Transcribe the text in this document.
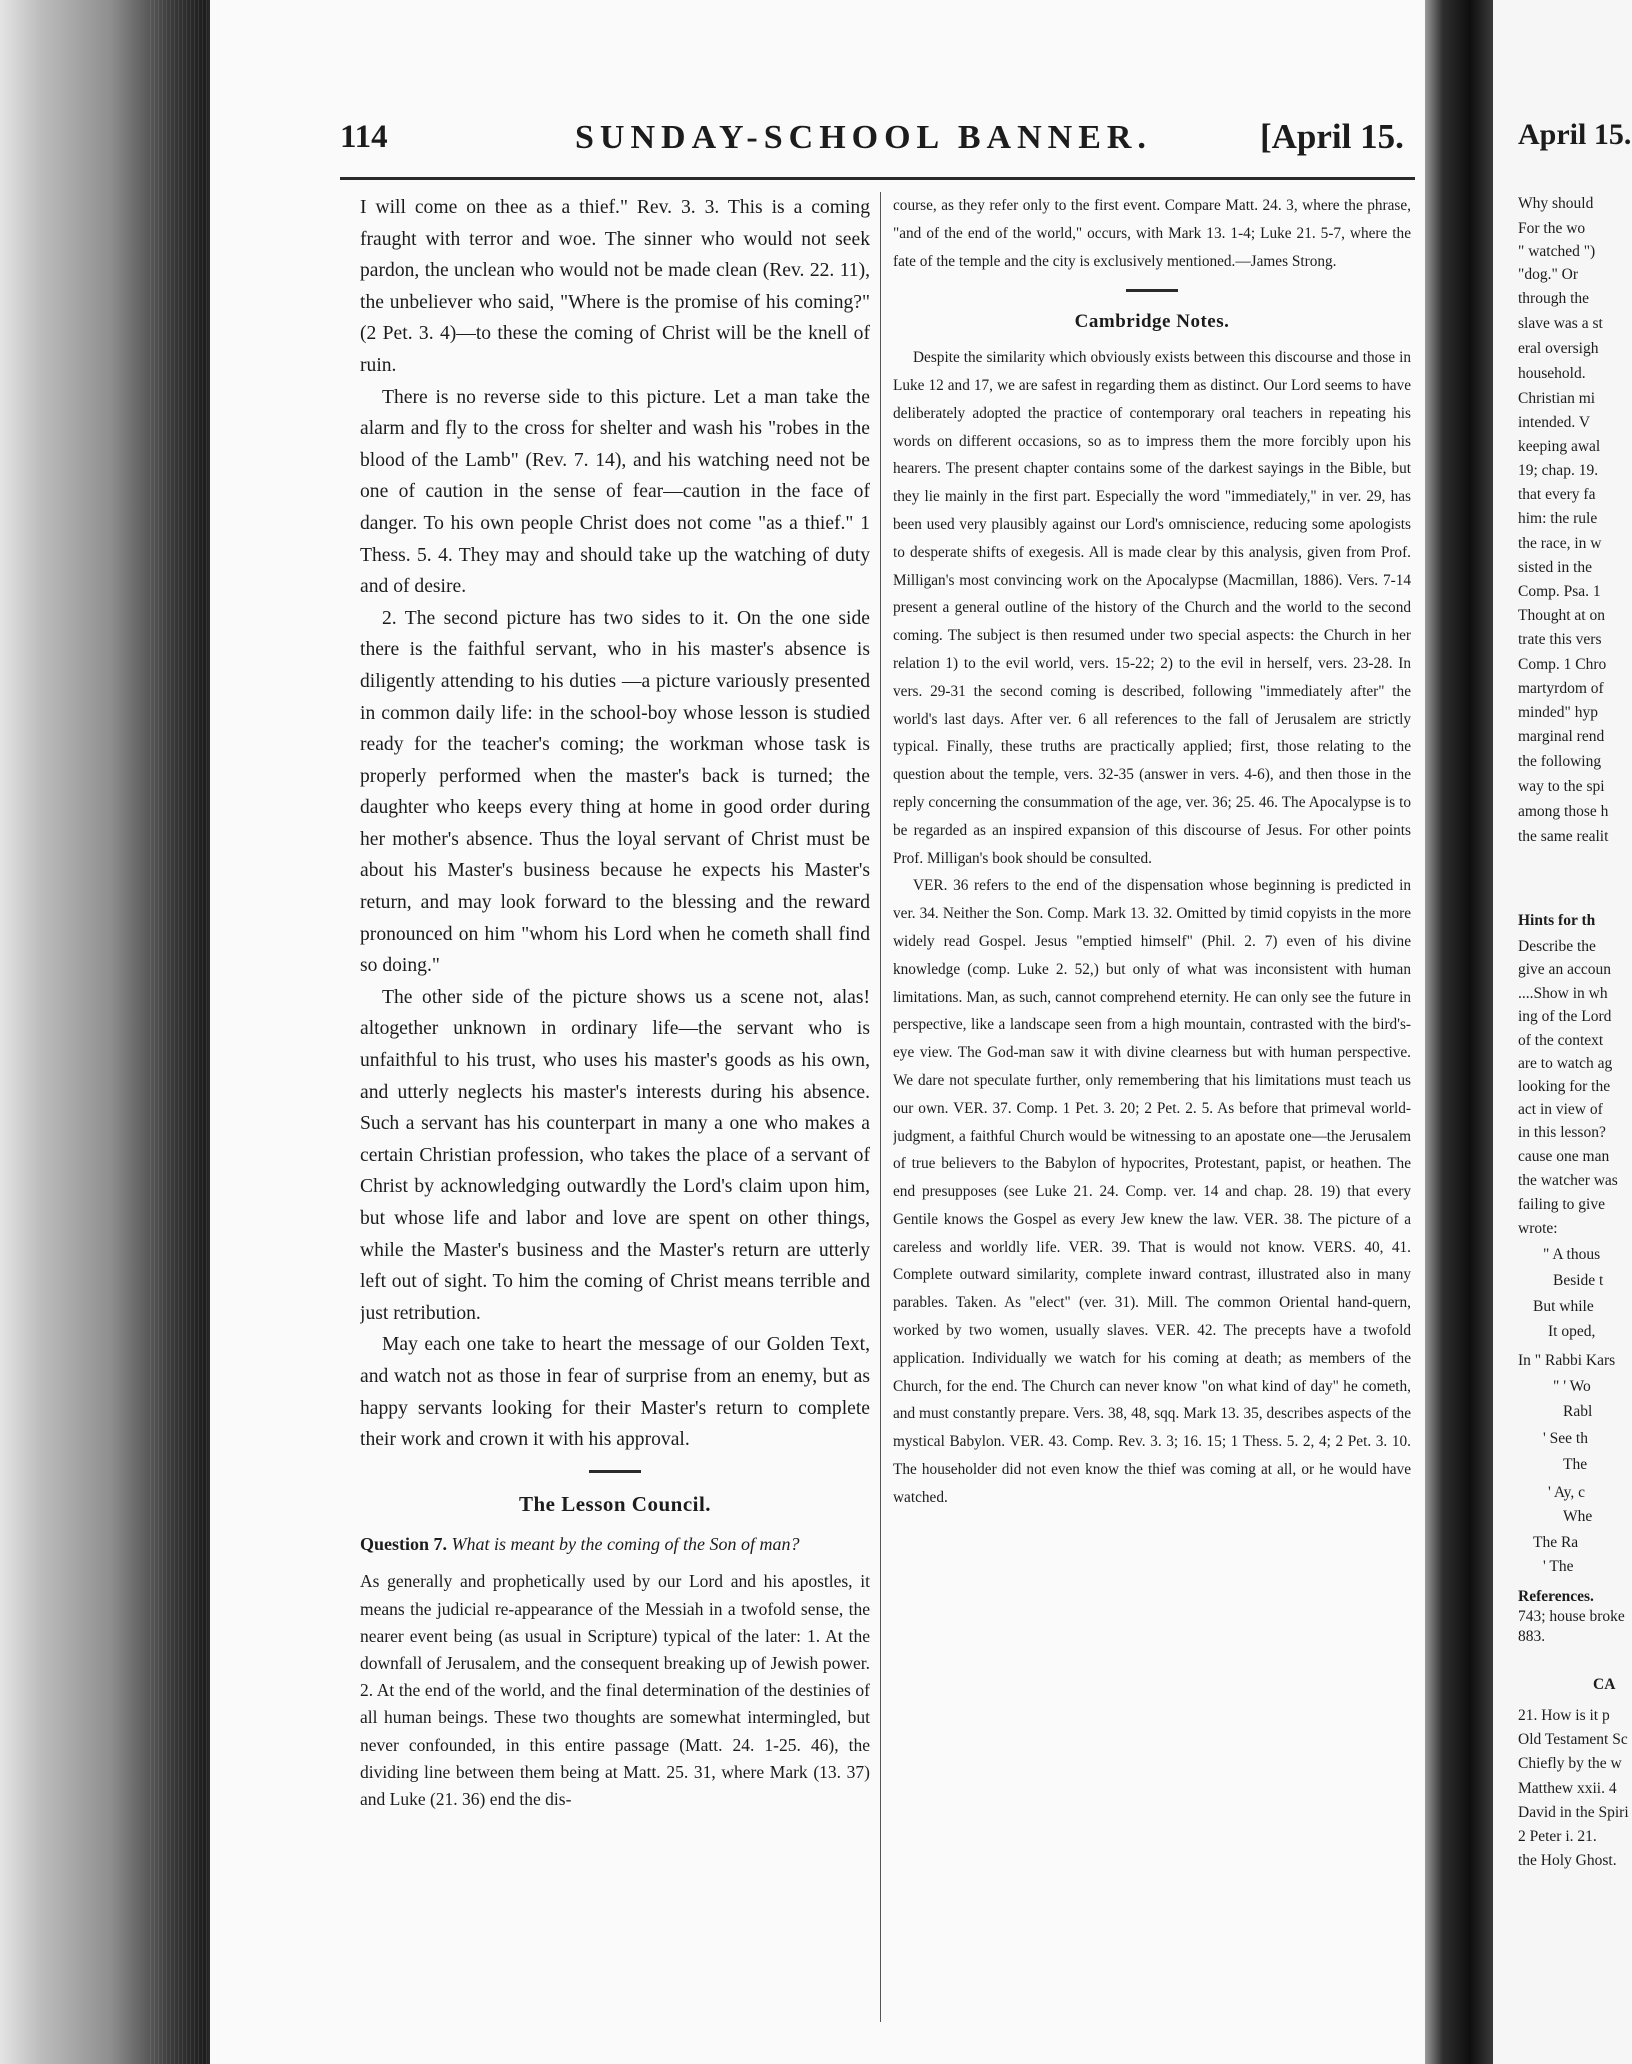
114	SUNDAY-SCHOOL BANNER.	[April 15.

I will come on thee as a thief." Rev. 3. 3. This is a coming fraught with terror and woe. The sinner who would not seek pardon, the unclean who would not be made clean (Rev. 22. 11), the unbeliever who said, "Where is the promise of his coming?" (2 Pet. 3. 4)—to these the coming of Christ will be the knell of ruin.

There is no reverse side to this picture. Let a man take the alarm and fly to the cross for shelter and wash his "robes in the blood of the Lamb" (Rev. 7. 14), and his watching need not be one of caution in the sense of fear—caution in the face of danger. To his own people Christ does not come "as a thief." 1 Thess. 5. 4. They may and should take up the watching of duty and of desire.

2. The second picture has two sides to it. On the one side there is the faithful servant, who in his master's absence is diligently attending to his duties —a picture variously presented in common daily life: in the school-boy whose lesson is studied ready for the teacher's coming; the workman whose task is properly performed when the master's back is turned; the daughter who keeps every thing at home in good order during her mother's absence. Thus the loyal servant of Christ must be about his Master's business because he expects his Master's return, and may look forward to the blessing and the reward pronounced on him "whom his Lord when he cometh shall find so doing."

The other side of the picture shows us a scene not, alas! altogether unknown in ordinary life—the servant who is unfaithful to his trust, who uses his master's goods as his own, and utterly neglects his master's interests during his absence. Such a servant has his counterpart in many a one who makes a certain Christian profession, who takes the place of a servant of Christ by acknowledging outwardly the Lord's claim upon him, but whose life and labor and love are spent on other things, while the Master's business and the Master's return are utterly left out of sight. To him the coming of Christ means terrible and just retribution.

May each one take to heart the message of our Golden Text, and watch not as those in fear of surprise from an enemy, but as happy servants looking for their Master's return to complete their work and crown it with his approval.

The Lesson Council.
Question 7. What is meant by the coming of the Son of man?

As generally and prophetically used by our Lord and his apostles, it means the judicial re-appearance of the Messiah in a twofold sense, the nearer event being (as usual in Scripture) typical of the later: 1. At the downfall of Jerusalem, and the consequent breaking up of Jewish power. 2. At the end of the world, and the final determination of the destinies of all human beings. These two thoughts are somewhat intermingled, but never confounded, in this entire passage (Matt. 24. 1-25. 46), the dividing line between them being at Matt. 25. 31, where Mark (13. 37) and Luke (21. 36) end the dis-

course, as they refer only to the first event. Compare Matt. 24. 3, where the phrase, "and of the end of the world," occurs, with Mark 13. 1-4; Luke 21. 5-7, where the fate of the temple and the city is exclusively mentioned.—James Strong.

Cambridge Notes.

Despite the similarity which obviously exists between this discourse and those in Luke 12 and 17, we are safest in regarding them as distinct. Our Lord seems to have deliberately adopted the practice of contemporary oral teachers in repeating his words on different occasions, so as to impress them the more forcibly upon his hearers. The present chapter contains some of the darkest sayings in the Bible, but they lie mainly in the first part. Especially the word "immediately," in ver. 29, has been used very plausibly against our Lord's omniscience, reducing some apologists to desperate shifts of exegesis. All is made clear by this analysis, given from Prof. Milligan's most convincing work on the Apocalypse (Macmillan, 1886). Vers. 7-14 present a general outline of the history of the Church and the world to the second coming. The subject is then resumed under two special aspects: the Church in her relation 1) to the evil world, vers. 15-22; 2) to the evil in herself, vers. 23-28. In vers. 29-31 the second coming is described, following "immediately after" the world's last days. After ver. 6 all references to the fall of Jerusalem are strictly typical. Finally, these truths are practically applied; first, those relating to the question about the temple, vers. 32-35 (answer in vers. 4-6), and then those in the reply concerning the consummation of the age, ver. 36; 25. 46. The Apocalypse is to be regarded as an inspired expansion of this discourse of Jesus. For other points Prof. Milligan's book should be consulted.

VER. 36 refers to the end of the dispensation whose beginning is predicted in ver. 34. Neither the Son. Comp. Mark 13. 32. Omitted by timid copyists in the more widely read Gospel. Jesus "emptied himself" (Phil. 2. 7) even of his divine knowledge (comp. Luke 2. 52,) but only of what was inconsistent with human limitations. Man, as such, cannot comprehend eternity. He can only see the future in perspective, like a landscape seen from a high mountain, contrasted with the bird's-eye view. The God-man saw it with divine clearness but with human perspective. We dare not speculate further, only remembering that his limitations must teach us our own. VER. 37. Comp. 1 Pet. 3. 20; 2 Pet. 2. 5. As before that primeval world-judgment, a faithful Church would be witnessing to an apostate one—the Jerusalem of true believers to the Babylon of hypocrites, Protestant, papist, or heathen. The end presupposes (see Luke 21. 24. Comp. ver. 14 and chap. 28. 19) that every Gentile knows the Gospel as every Jew knew the law. VER. 38. The picture of a careless and worldly life. VER. 39. That is would not know. VERS. 40, 41. Complete outward similarity, complete inward contrast, illustrated also in many parables. Taken. As "elect" (ver. 31). Mill. The common Oriental hand-quern, worked by two women, usually slaves. VER. 42. The precepts have a twofold application. Individually we watch for his coming at death; as members of the Church, for the end. The Church can never know "on what kind of day" he cometh, and must constantly prepare. Vers. 38, 48, sqq. Mark 13. 35, describes aspects of the mystical Babylon. VER. 43. Comp. Rev. 3. 3; 16. 15; 1 Thess. 5. 2, 4; 2 Pet. 3. 10. The householder did not even know the thief was coming at all, or he would have watched.

April 15.
Why should
For the wo
" watched ")
"dog." Or
through the
slave was a st
eral oversigh
household.
Christian mi
intended. V
keeping awal
19; chap. 19.
that every fa
him: the rule
the race, in w
sisted in the
Comp. Psa. 1
Thought at on
trate this vers
Comp. 1 Chro
martyrdom of
minded" hyp
marginal rend
the following
way to the spi
among those h
the same realit
Hints for th
Describe the
give an accoun
....Show in wh
ing of the Lord
of the context
are to watch ag
looking for the
act in view of
in this lesson?
cause one man
the watcher was
failing to give
wrote:
" A thous
Beside t
But while
It oped,
In " Rabbi Kars
" ' Wo
Rabl
' See th
The
' Ay, c
Whe
The Ra
' The
References.
743; house broke
883.
CA
21. How is it p
Old Testament Sc
Chiefly by the w
Matthew xxii. 4
David in the Spiri
2 Peter i. 21.
the Holy Ghost.
